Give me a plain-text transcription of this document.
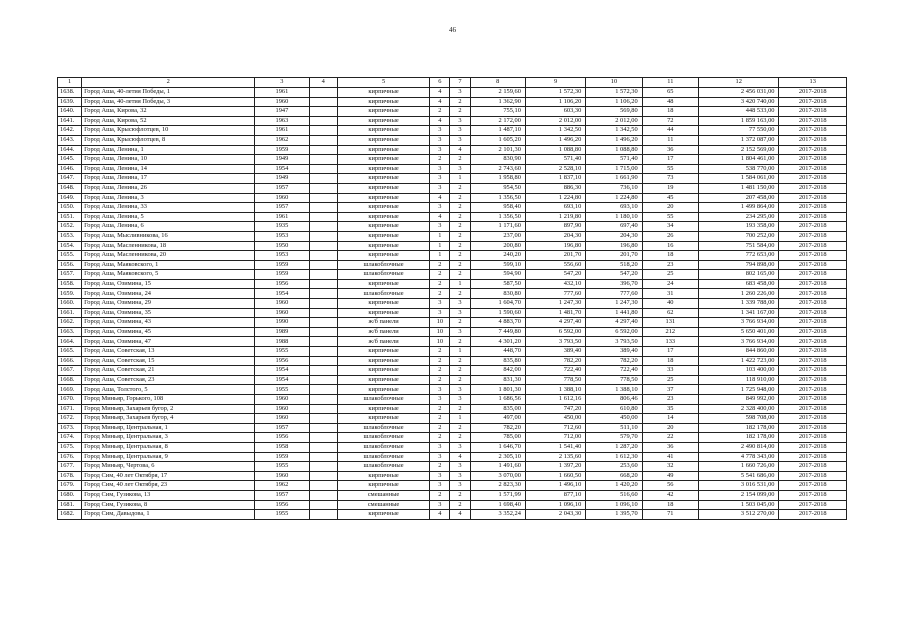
46
1	2	3	4	5	6	7	8	9	10	11	12	13
1638.	Город Аша, 40-летия Победы, 1	1961		кирпичные	4	3	2 159,60	1 572,30	1 572,30	65	2 456 031,00	2017-2018
1639.	Город Аша, 40-летия Победы, 3	1960		кирпичные	4	2	1 362,90	1 106,20	1 106,20	48	3 420 740,00	2017-2018
1640.	Город Аша, Кирова, 32	1947		кирпичные	2	2	755,10	603,30	569,80	18	448 533,00	2017-2018
1641.	Город Аша, Кирова, 52	1963		кирпичные	4	3	2 172,00	2 012,00	2 012,00	72	1 859 163,00	2017-2018
1642.	Город Аша, Крысюфлотцев, 10	1961		кирпичные	3	3	1 487,10	1 342,50	1 342,50	44	77 550,00	2017-2018
1643.	Город Аша, Крысюфлотцев, 8	1962		кирпичные	3	3	1 605,20	1 496,20	1 496,20	11	1 372 087,00	2017-2018
1644.	Город Аша, Ленина, 1	1959		кирпичные	3	4	2 101,30	1 088,80	1 088,80	36	2 152 569,00	2017-2018
1645.	Город Аша, Ленина, 10	1949		кирпичные	2	2	830,90	571,40	571,40	17	1 804 461,00	2017-2018
1646.	Город Аша, Ленина, 14	1954		кирпичные	3	3	2 743,60	2 528,10	1 715,00	55	538 770,00	2017-2018
1647.	Город Аша, Ленина, 17	1949		кирпичные	3	1	1 958,80	1 837,10	1 661,90	73	1 584 061,00	2017-2018
1648.	Город Аша, Ленина, 26	1957		кирпичные	3	2	954,50	886,30	736,10	19	1 481 150,00	2017-2018
1649.	Город Аша, Ленина, 3	1960		кирпичные	4	2	1 356,50	1 224,80	1 224,80	45	207 458,00	2017-2018
1650.	Город Аша, Ленина, 33	1957		кирпичные	3	2	958,40	693,10	693,10	20	1 499 864,00	2017-2018
1651.	Город Аша, Ленина, 5	1961		кирпичные	4	2	1 356,50	1 219,80	1 180,10	55	234 295,00	2017-2018
1652.	Город Аша, Ленина, 6	1935		кирпичные	3	2	1 171,60	897,90	697,40	34	193 358,00	2017-2018
1653.	Город Аша, Мысливникова, 16	1953		кирпичные	1	2	237,00	204,30	204,30	26	700 252,00	2017-2018
1654.	Город Аша, Масленникова, 18	1950		кирпичные	1	2	200,80	196,80	196,80	16	751 584,00	2017-2018
1655.	Город Аша, Масленникова, 20	1953		кирпичные	1	2	240,20	201,70	201,70	18	772 653,00	2017-2018
1656.	Город Аша, Маяковского, 1	1959		шлакоблочные	2	2	599,10	556,60	518,20	23	794 898,00	2017-2018
1657.	Город Аша, Маяковского, 5	1959		шлакоблочные	2	2	594,90	547,20	547,20	25	802 165,00	2017-2018
1658.	Город Аша, Озимина, 15	1956		кирпичные	2	1	587,50	432,10	396,70	24	683 458,00	2017-2018
1659.	Город Аша, Озимина, 24	1954		шлакоблочные	2	2	830,80	777,60	777,60	31	1 260 226,00	2017-2018
1660.	Город Аша, Озимина, 29	1960		кирпичные	3	3	1 604,70	1 247,30	1 247,30	40	1 339 788,00	2017-2018
1661.	Город Аша, Озимина, 35	1960		кирпичные	3	3	1 590,60	1 481,70	1 441,80	62	1 341 167,00	2017-2018
1662.	Город Аша, Озимина, 43	1990		ж/б панели	10	2	4 883,70	4 297,40	4 297,40	131	3 766 934,00	2017-2018
1663.	Город Аша, Озимина, 45	1989		ж/б панели	10	3	7 449,80	6 592,00	6 592,00	212	5 650 401,00	2017-2018
1664.	Город Аша, Озимина, 47	1988		ж/б панели	10	2	4 301,20	3 793,50	3 793,50	133	3 766 934,00	2017-2018
1665.	Город Аша, Советская, 13	1955		кирпичные	2	1	448,70	389,40	389,40	17	844 860,00	2017-2018
1666.	Город Аша, Советская, 15	1956		кирпичные	2	2	835,80	782,20	782,20	18	1 422 723,00	2017-2018
1667.	Город Аша, Советская, 21	1954		кирпичные	2	2	842,00	722,40	722,40	33	103 400,00	2017-2018
1668.	Город Аша, Советская, 23	1954		кирпичные	2	2	831,30	778,50	778,50	25	118 910,00	2017-2018
1669.	Город Аша, Толстого, 5	1955		кирпичные	3	3	1 801,30	1 388,10	1 388,10	37	1 725 948,00	2017-2018
1670.	Город Миньяр, Горького, 108	1960		шлакоблочные	3	3	1 686,56	1 612,16	806,46	23	849 992,00	2017-2018
1671.	Город Миньяр, Захарьев бугор, 2	1960		кирпичные	2	2	835,00	747,20	610,80	35	2 328 400,00	2017-2018
1672.	Город Миньяр, Захарьев бугор, 4	1960		кирпичные	2	1	497,00	450,00	450,00	14	598 708,00	2017-2018
1673.	Город Миньяр, Центральная, 1	1957		шлакоблочные	2	2	782,20	712,60	511,10	20	182 178,00	2017-2018
1674.	Город Миньяр, Центральная, 3	1956		шлакоблочные	2	2	785,00	712,00	579,70	22	182 178,00	2017-2018
1675.	Город Миньяр, Центральная, 8	1958		шлакоблочные	3	3	1 646,70	1 541,40	1 287,20	36	2 490 814,00	2017-2018
1676.	Город Миньяр, Центральная, 9	1959		шлакоблочные	3	4	2 305,10	2 135,60	1 612,30	41	4 778 343,00	2017-2018
1677.	Город Миньяр, Чертова, 6	1955		шлакоблочные	2	3	1 491,60	1 397,20	253,60	32	1 660 726,00	2017-2018
1678.	Город Сим, 40 лет Октября, 17	1960		кирпичные	3	3	3 070,00	1 660,50	668,20	49	5 541 686,00	2017-2018
1679.	Город Сим, 40 лет Октября, 23	1962		кирпичные	3	3	2 823,30	1 496,10	1 420,20	56	3 016 531,00	2017-2018
1680.	Город Сим, Гузикова, 13	1957		смешанные	2	2	1 571,99	877,10	516,60	42	2 154 099,00	2017-2018
1681.	Город Сим, Гузикова, 8	1956		смешанные	3	2	1 698,40	1 096,10	1 096,10	18	1 503 045,00	2017-2018
1682.	Город Сим, Давыдова, 1	1955		кирпичные	4	4	3 352,24	2 043,30	1 395,70	71	3 512 270,00	2017-2018
